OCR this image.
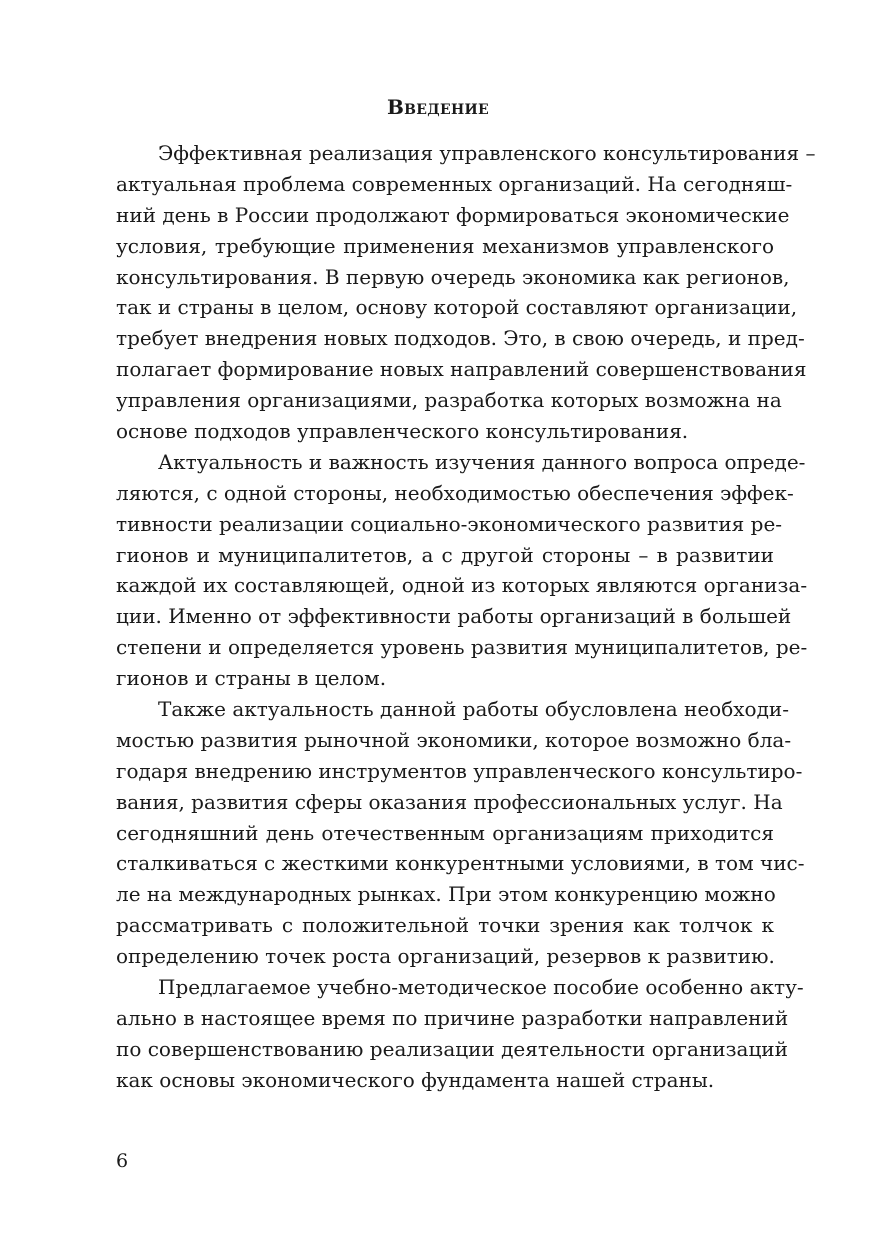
Введение
Эффективная реализация управленского консультирования –
актуальная проблема современных организаций. На сегодняш-
ний день в России продолжают формироваться экономические
условия, требующие применения механизмов управленского
консультирования. В первую очередь экономика как регионов,
так и страны в целом, основу которой составляют организации,
требует внедрения новых подходов. Это, в свою очередь, и пред-
полагает формирование новых направлений совершенствования
управления организациями, разработка которых возможна на
основе подходов управленческого консультирования.
Актуальность и важность изучения данного вопроса опреде-
ляются, с одной стороны, необходимостью обеспечения эффек-
тивности реализации социально-экономического развития ре-
гионов и муниципалитетов, а с другой стороны – в развитии
каждой их составляющей, одной из которых являются организа-
ции. Именно от эффективности работы организаций в большей
степени и определяется уровень развития муниципалитетов, ре-
гионов и страны в целом.
Также актуальность данной работы обусловлена необходи-
мостью развития рыночной экономики, которое возможно бла-
годаря внедрению инструментов управленческого консультиро-
вания, развития сферы оказания профессиональных услуг. На
сегодняшний день отечественным организациям приходится
сталкиваться с жесткими конкурентными условиями, в том чис-
ле на международных рынках. При этом конкуренцию можно
рассматривать с положительной точки зрения как толчок к
определению точек роста организаций, резервов к развитию.
Предлагаемое учебно-методическое пособие особенно акту-
ально в настоящее время по причине разработки направлений
по совершенствованию реализации деятельности организаций
как основы экономического фундамента нашей страны.
6
